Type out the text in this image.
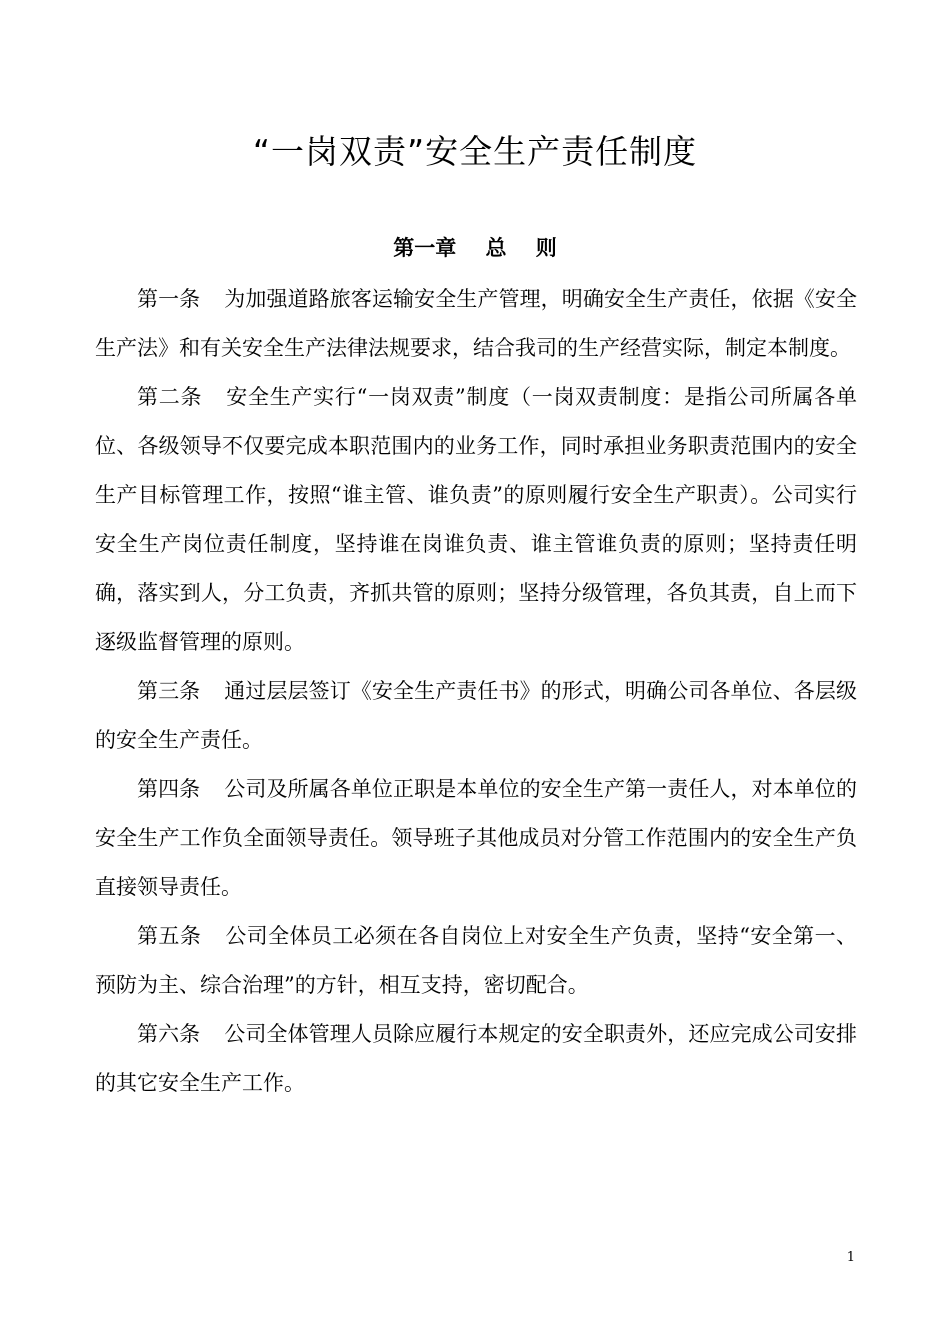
“一岗双责”安全生产责任制度
第一章    总    则

第一条 为加强道路旅客运输安全生产管理，明确安全生产责任，依据《安全生产法》和有关安全生产法律法规要求，结合我司的生产经营实际，制定本制度。

第二条 安全生产实行“一岗双责”制度（一岗双责制度：是指公司所属各单位、各级领导不仅要完成本职范围内的业务工作，同时承担业务职责范围内的安全生产目标管理工作，按照“谁主管、谁负责”的原则履行安全生产职责）。公司实行安全生产岗位责任制度，坚持谁在岗谁负责、谁主管谁负责的原则；坚持责任明确，落实到人，分工负责，齐抓共管的原则；坚持分级管理，各负其责，自上而下逐级监督管理的原则。

第三条 通过层层签订《安全生产责任书》的形式，明确公司各单位、各层级的安全生产责任。

第四条 公司及所属各单位正职是本单位的安全生产第一责任人，对本单位的安全生产工作负全面领导责任。领导班子其他成员对分管工作范围内的安全生产负直接领导责任。

第五条 公司全体员工必须在各自岗位上对安全生产负责，坚持“安全第一、预防为主、综合治理”的方针，相互支持，密切配合。

第六条 公司全体管理人员除应履行本规定的安全职责外，还应完成公司安排的其它安全生产工作。

1
